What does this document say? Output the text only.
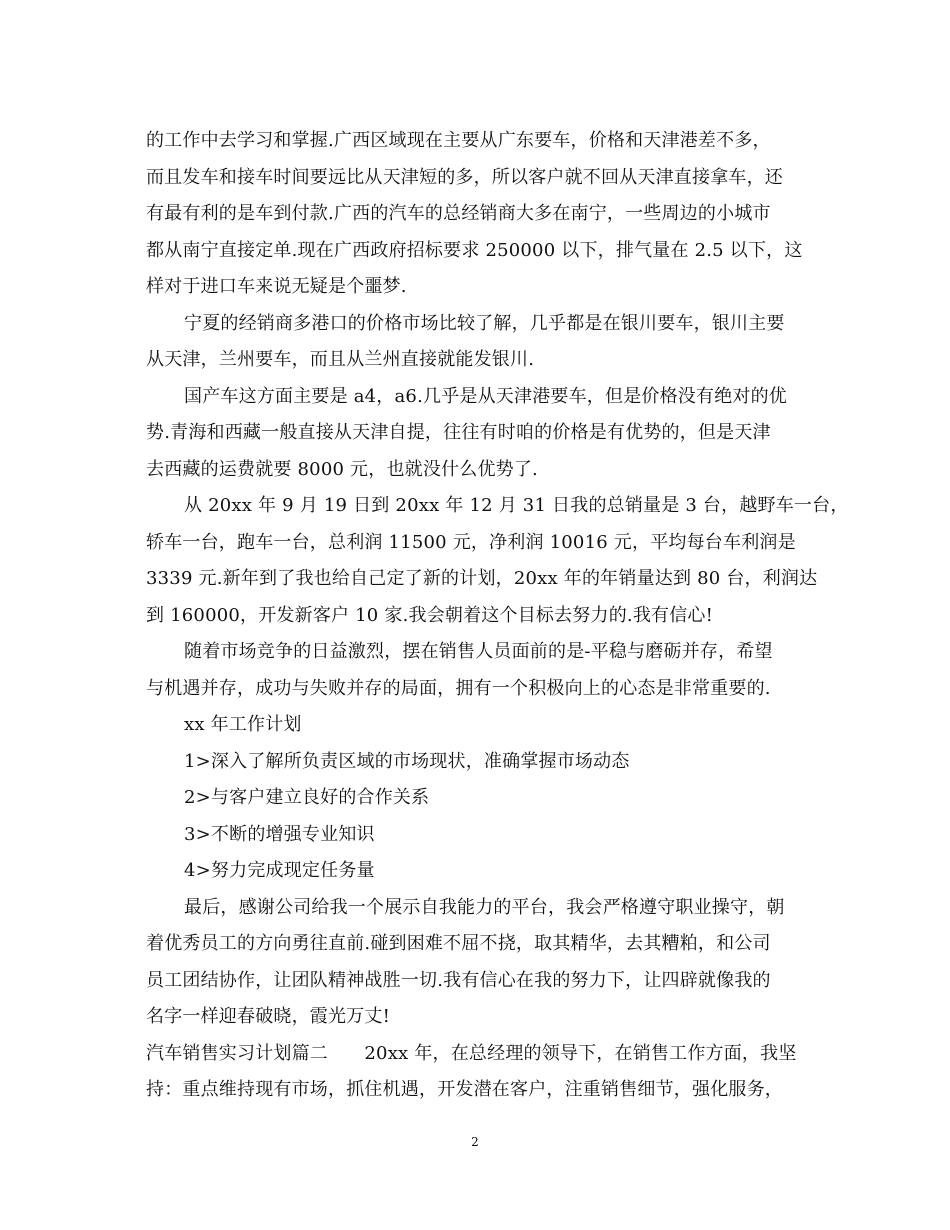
的工作中去学习和掌握.广西区域现在主要从广东要车，价格和天津港差不多，
而且发车和接车时间要远比从天津短的多，所以客户就不回从天津直接拿车，还
有最有利的是车到付款.广西的汽车的总经销商大多在南宁，一些周边的小城市
都从南宁直接定单.现在广西政府招标要求 250000 以下，排气量在 2.5 以下，这
样对于进口车来说无疑是个噩梦.
宁夏的经销商多港口的价格市场比较了解，几乎都是在银川要车，银川主要
从天津，兰州要车，而且从兰州直接就能发银川.
国产车这方面主要是 a4，a6.几乎是从天津港要车，但是价格没有绝对的优
势.青海和西藏一般直接从天津自提，往往有时咱的价格是有优势的，但是天津
去西藏的运费就要 8000 元，也就没什么优势了.
从 20xx 年 9 月 19 日到 20xx 年 12 月 31 日我的总销量是 3 台，越野车一台，
轿车一台，跑车一台，总利润 11500 元，净利润 10016 元，平均每台车利润是
3339 元.新年到了我也给自己定了新的计划，20xx 年的年销量达到 80 台，利润达
到 160000，开发新客户 10 家.我会朝着这个目标去努力的.我有信心!
随着市场竞争的日益激烈，摆在销售人员面前的是-平稳与磨砺并存，希望
与机遇并存，成功与失败并存的局面，拥有一个积极向上的心态是非常重要的.
xx 年工作计划
1>深入了解所负责区域的市场现状，准确掌握市场动态
2>与客户建立良好的合作关系
3>不断的增强专业知识
4>努力完成现定任务量
最后，感谢公司给我一个展示自我能力的平台，我会严格遵守职业操守，朝
着优秀员工的方向勇往直前.碰到困难不屈不挠，取其精华，去其糟粕，和公司
员工团结协作，让团队精神战胜一切.我有信心在我的努力下，让四辟就像我的
名字一样迎春破晓，霞光万丈!
汽车销售实习计划篇二　　20xx 年，在总经理的领导下，在销售工作方面，我坚
持：重点维持现有市场，抓住机遇，开发潜在客户，注重销售细节，强化服务，
2
